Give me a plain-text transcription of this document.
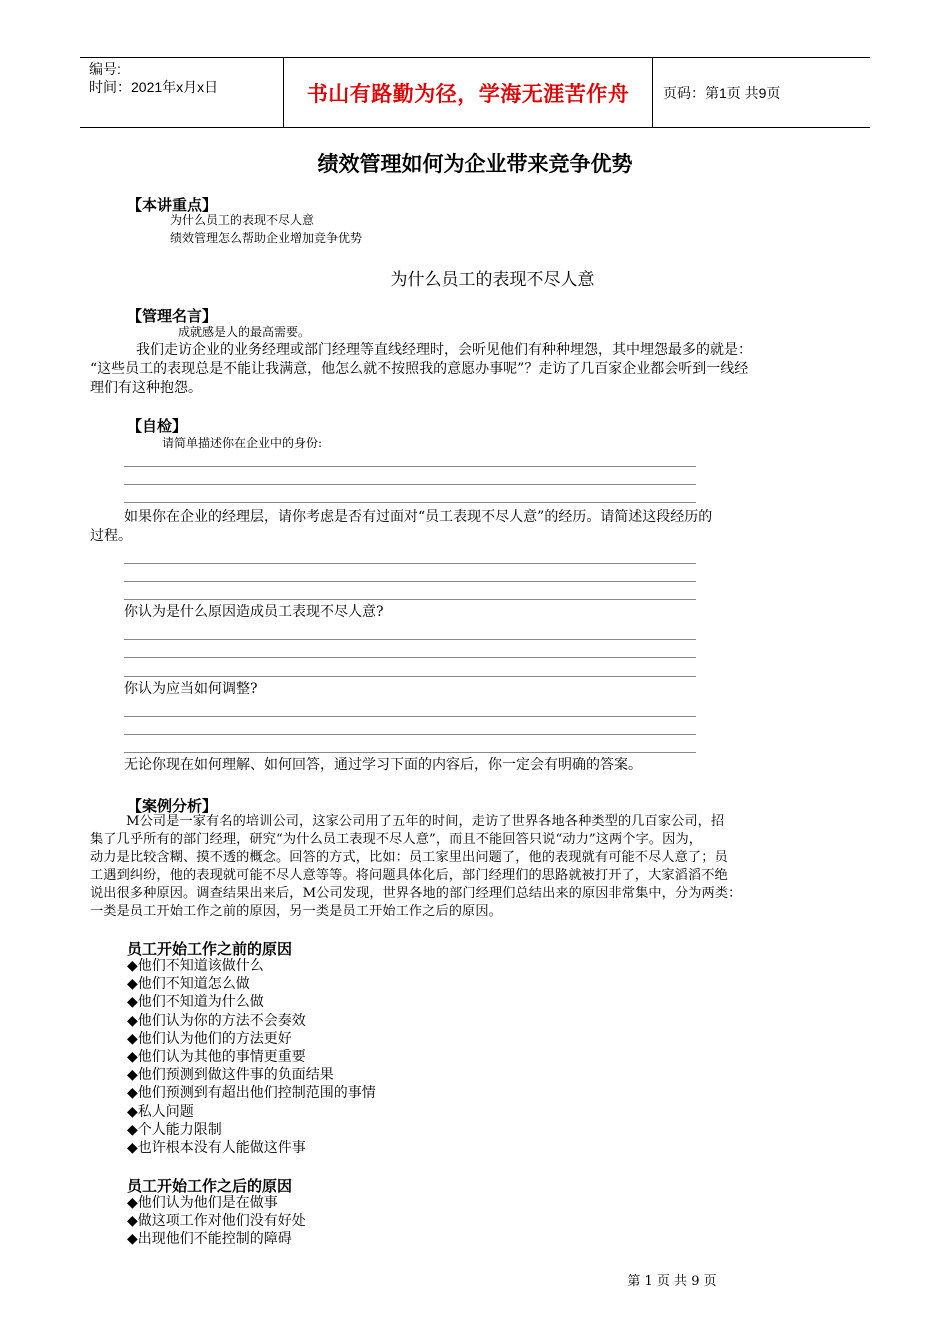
编号:
时间：2021年x月x日	书山有路勤为径，学海无涯苦作舟 页码：第1页 共9页
绩效管理如何为企业带来竞争优势
【本讲重点】
为什么员工的表现不尽人意
绩效管理怎么帮助企业增加竞争优势
为什么员工的表现不尽人意
【管理名言】
成就感是人的最高需要。
我们走访企业的业务经理或部门经理等直线经理时，会听见他们有种种埋怨，其中埋怨最多的就是：
“这些员工的表现总是不能让我满意，他怎么就不按照我的意愿办事呢”？走访了几百家企业都会听到一线经
理们有这种抱怨。
【自检】
请简单描述你在企业中的身份:
如果你在企业的经理层，请你考虑是否有过面对“员工表现不尽人意”的经历。请简述这段经历的
过程。
你认为是什么原因造成员工表现不尽人意?
你认为应当如何调整?
无论你现在如何理解、如何回答，通过学习下面的内容后，你一定会有明确的答案。
【案例分析】
M公司是一家有名的培训公司，这家公司用了五年的时间，走访了世界各地各种类型的几百家公司，招
集了几乎所有的部门经理，研究“为什么员工表现不尽人意”，而且不能回答只说“动力”这两个字。因为，
动力是比较含糊、摸不透的概念。回答的方式，比如：员工家里出问题了，他的表现就有可能不尽人意了；员
工遇到纠纷，他的表现就可能不尽人意等等。将问题具体化后，部门经理们的思路就被打开了，大家滔滔不绝
说出很多种原因。调查结果出来后，M公司发现，世界各地的部门经理们总结出来的原因非常集中，分为两类：
一类是员工开始工作之前的原因，另一类是员工开始工作之后的原因。
员工开始工作之前的原因
◆他们不知道该做什么
◆他们不知道怎么做
◆他们不知道为什么做
◆他们认为你的方法不会奏效
◆他们认为他们的方法更好
◆他们认为其他的事情更重要
◆他们预测到做这件事的负面结果
◆他们预测到有超出他们控制范围的事情
◆私人问题
◆个人能力限制
◆也许根本没有人能做这件事
员工开始工作之后的原因
◆他们认为他们是在做事
◆做这项工作对他们没有好处
◆出现他们不能控制的障碍
第 1 页 共 9 页
